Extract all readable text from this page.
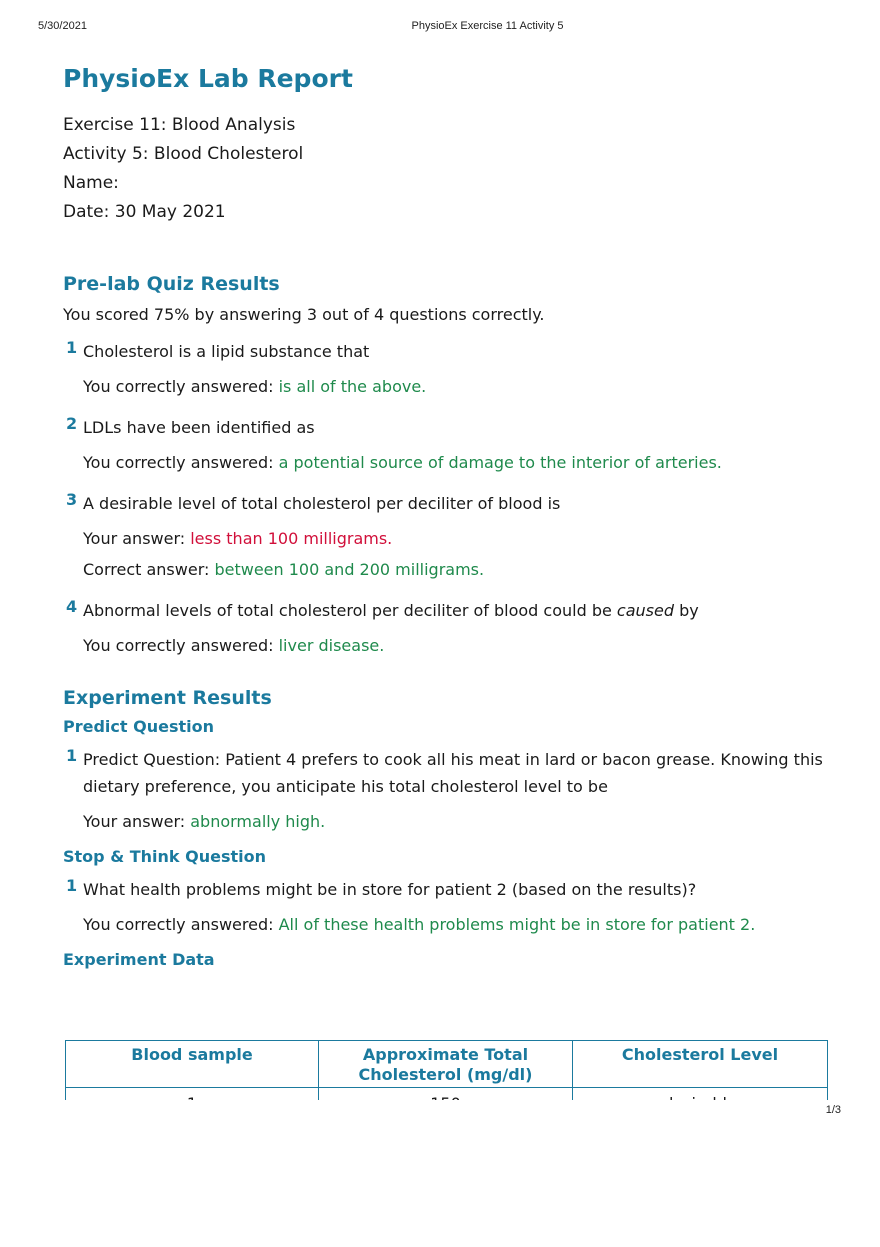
5/30/2021	PhysioEx Exercise 11 Activity 5
PhysioEx Lab Report

Exercise 11: Blood Analysis

Activity 5: Blood Cholesterol

Name:

Date: 30 May 2021

Pre-lab Quiz Results
You scored 75% by answering 3 out of 4 questions correctly.
1 Cholesterol is a lipid substance that
You correctly answered: is all of the above.
2 LDLs have been identified as
You correctly answered: a potential source of damage to the interior of arteries.
3 A desirable level of total cholesterol per deciliter of blood is
Your answer: less than 100 milligrams.
Correct answer: between 100 and 200 milligrams.
4 Abnormal levels of total cholesterol per deciliter of blood could be caused by
You correctly answered: liver disease.
Experiment Results
Predict Question
1 Predict Question: Patient 4 prefers to cook all his meat in lard or bacon grease. Knowing this dietary preference, you anticipate his total cholesterol level to be
Your answer: abnormally high.
Stop & Think Question
1 What health problems might be in store for patient 2 (based on the results)?
You correctly answered: All of these health problems might be in store for patient 2.
Experiment Data
Blood sample	Approximate Total Cholesterol (mg/dl)	Cholesterol Level

1/3
